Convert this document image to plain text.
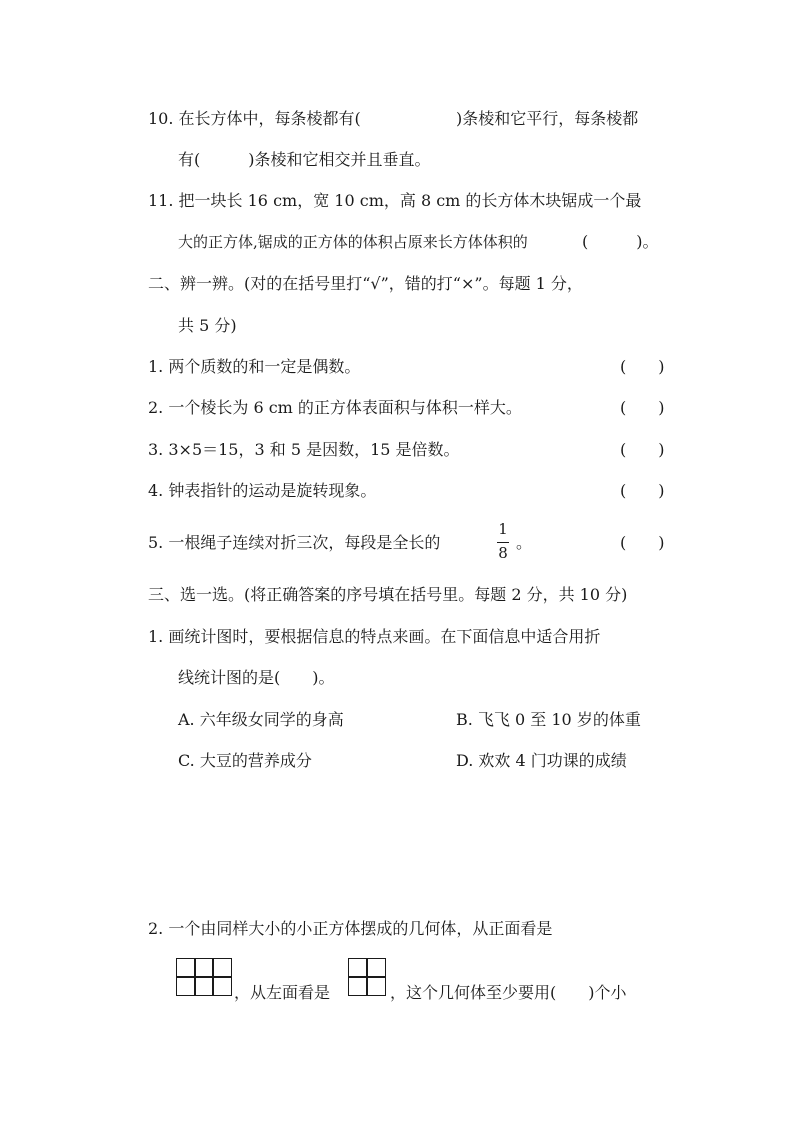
10. 在长方体中，每条棱都有(	)条棱和它平行，每条棱都
有(　　　)条棱和它相交并且垂直。
11. 把一块长 16 cm，宽 10 cm，高 8 cm 的长方体木块锯成一个最
大的正方体,锯成的正方体的体积占原来长方体体积的	(　　　)。
二、辨一辨。(对的在括号里打“√”，错的打“×”。每题 1 分，
共 5 分)
1. 两个质数的和一定是偶数。	(　　)
2. 一个棱长为 6 cm 的正方体表面积与体积一样大。	(　　)
3. 3×5＝15，3 和 5 是因数，15 是倍数。	(　　)
4. 钟表指针的运动是旋转现象。	(　　)
5. 一根绳子连续对折三次，每段是全长的
1
8
。	(　　)
三、选一选。(将正确答案的序号填在括号里。每题 2 分，共 10 分)
1. 画统计图时，要根据信息的特点来画。在下面信息中适合用折
线统计图的是(　　)。
A. 六年级女同学的身高	B. 飞飞 0 至 10 岁的体重
C. 大豆的营养成分	D. 欢欢 4 门功课的成绩
2. 一个由同样大小的小正方体摆成的几何体，从正面看是
，从左面看是	，这个几何体至少要用(　　)个小
